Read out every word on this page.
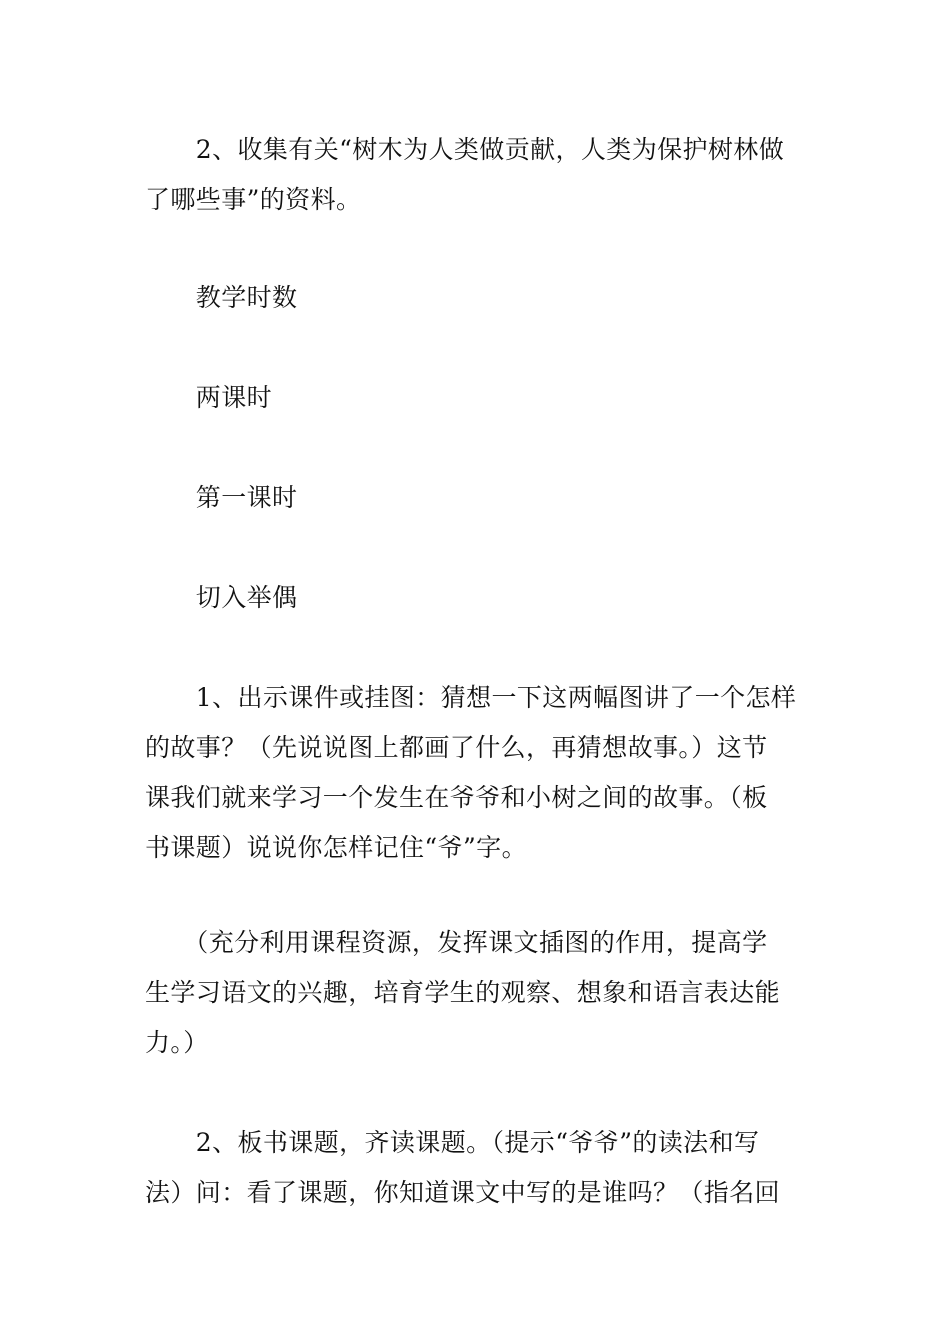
　　2、收集有关“树木为人类做贡献，人类为保护树林做
了哪些事”的资料。

　　教学时数

　　两课时

　　第一课时

　　切入举偶

　　1、出示课件或挂图：猜想一下这两幅图讲了一个怎样
的故事？（先说说图上都画了什么，再猜想故事。）这节
课我们就来学习一个发生在爷爷和小树之间的故事。（板
书课题）说说你怎样记住“爷”字。

　　（充分利用课程资源，发挥课文插图的作用，提高学
生学习语文的兴趣，培育学生的观察、想象和语言表达能
力。）

　　2、板书课题，齐读课题。（提示“爷爷”的读法和写
法）问：看了课题，你知道课文中写的是谁吗？（指名回
